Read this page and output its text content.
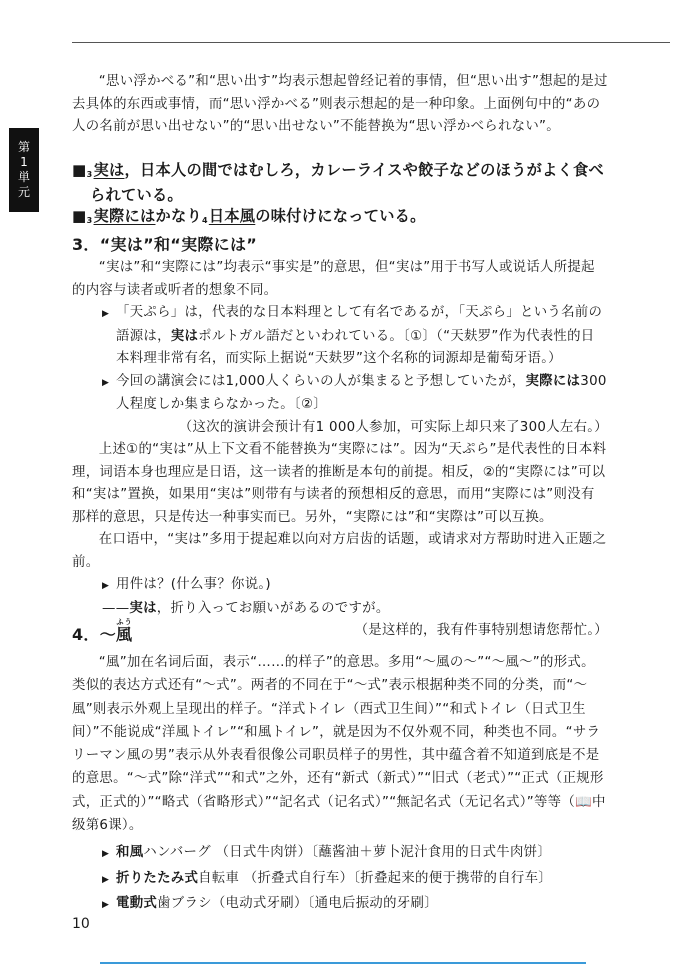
第
1
単
元

“思い浮かべる”和“思い出す”均表示想起曾经记着的事情，但“思い出す”想起的是过去具体的东西或事情，而“思い浮かべる”则表示想起的是一种印象。上面例句中的“あの人の名前が思い出せない”的“思い出せない”不能替换为“思い浮かべられない”。

$■_3$実は，日本人の間ではむしろ，カレーライスや餃子などのほうがよく食べられている。

$■_3$実際にはかなり$_4$日本風の味付けになっている。

3．“実は”和“実際には”

“実は”和“実際には”均表示“事实是”的意思，但“実は”用于书写人或说话人所提起的内容与读者或听者的想象不同。

▶ 「天ぷら」は，代表的な日本料理として有名であるが，「天ぷら」という名前の語源は，実はポルトガル語だといわれている。〔①〕（“天麸罗”作为代表性的日本料理非常有名，而实际上据说“天麸罗”这个名称的词源却是葡萄牙语。）

▶ 今回の講演会には1,000人くらいの人が集まると予想していたが，実際には300人程度しか集まらなかった。〔②〕

（这次的演讲会预计有1 000人参加，可实际上却只来了300人左右。）

上述①的“実は”从上下文看不能替换为“実際には”。因为“天ぷら”是代表性的日本料理，词语本身也理应是日语，这一读者的推断是本句的前提。相反，②的“実際には”可以和“実は”置换，如果用“実は”则带有与读者的预想相反的意思，而用“実際には”则没有那样的意思，只是传达一种事实而已。另外，“実際には”和“実際は”可以互换。

在口语中，“実は”多用于提起难以向对方启齿的话题，或请求对方帮助时进入正题之前。

▶ 用件は？(什么事？你说。)

——実は，折り入ってお願いがあるのですが。

（是这样的，我有件事特别想请您帮忙。）

4．～風ふう

“風”加在名词后面，表示“……的样子”的意思。多用“～風の～”“～風～”的形式。类似的表达方式还有“～式”。两者的不同在于“～式”表示根据种类不同的分类，而“～風”则表示外观上呈现出的样子。“洋式トイレ（西式卫生间）”“和式トイレ（日式卫生间）”不能说成“洋風トイレ”“和風トイレ”，就是因为不仅外观不同，种类也不同。“サラリーマン風の男”表示从外表看很像公司职员样子的男性，其中蕴含着不知道到底是不是的意思。“～式”除“洋式”“和式”之外，还有“新式（新式）”“旧式（老式）”“正式（正规形式，正式的）”“略式（省略形式）”“記名式（记名式）”“無記名式（无记名式）”等等（📖中级第6课）。

▶ 和風ハンバーグ （日式牛肉饼）〔蘸酱油＋萝卜泥汁食用的日式牛肉饼〕

▶ 折りたたみ式自転車 （折叠式自行车）〔折叠起来的便于携带的自行车〕

▶ 電動式歯ブラシ（电动式牙刷）〔通电后振动的牙刷〕

10
